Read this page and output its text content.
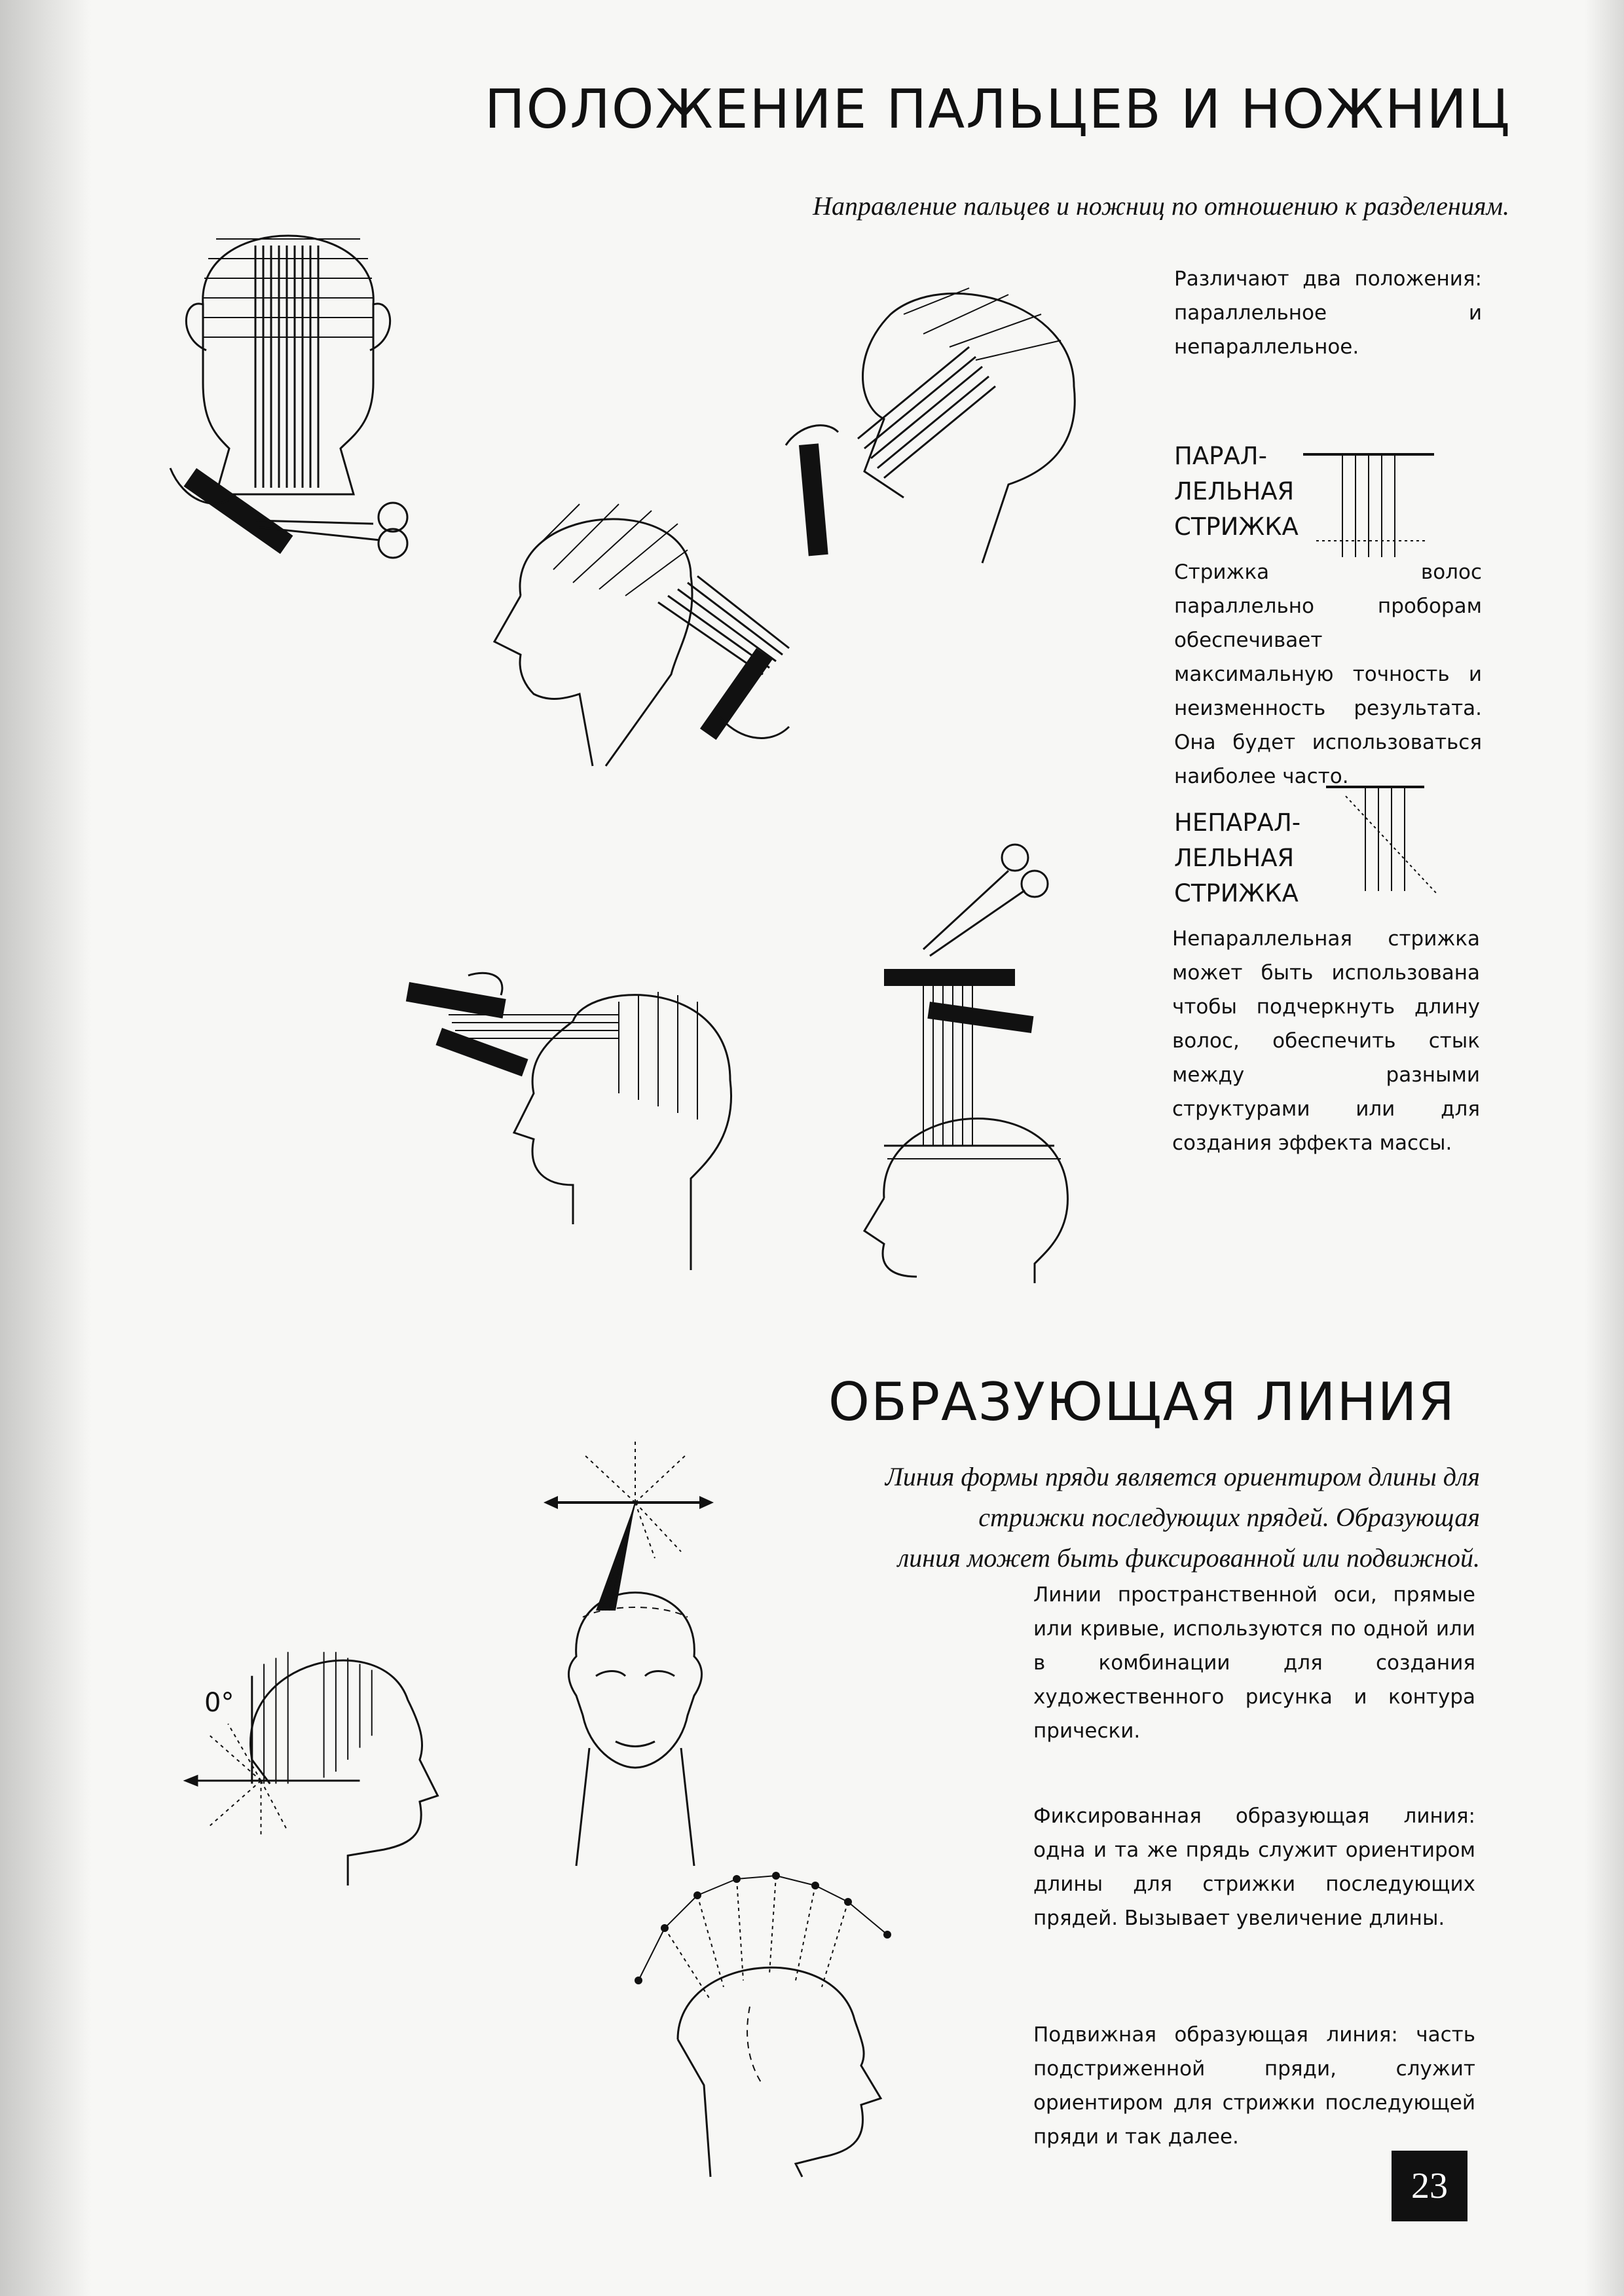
ПОЛОЖЕНИЕ ПАЛЬЦЕВ И НОЖНИЦ
Направление пальцев и ножниц по отношению к разделениям.

Различают два положения: параллельное и непараллельное.

ПАРАЛ-
ЛЕЛЬНАЯ
СТРИЖКА

Стрижка волос параллельно проборам обеспечивает максимальную точность и неизменность результата. Она будет использоваться наиболее часто.

НЕПАРАЛ-
ЛЕЛЬНАЯ
СТРИЖКА

Непараллельная стрижка может быть использована чтобы подчеркнуть длину волос, обеспечить стык между разными структурами или для создания эффекта массы.

ОБРАЗУЮЩАЯ ЛИНИЯ
Линия формы пряди является ориентиром длины для
стрижки последующих прядей. Образующая
линия может быть фиксированной или подвижной.

Линии пространственной оси, прямые или кривые, используются по одной или в комбинации для создания художественного рисунка и контура прически.

Фиксированная образующая линия: одна и та же прядь служит ориентиром длины для стрижки последующих прядей. Вызывает увеличение длины.

Подвижная образующая линия: часть подстриженной пряди, служит ориентиром для стрижки последующей пряди и так далее.

0°
23
